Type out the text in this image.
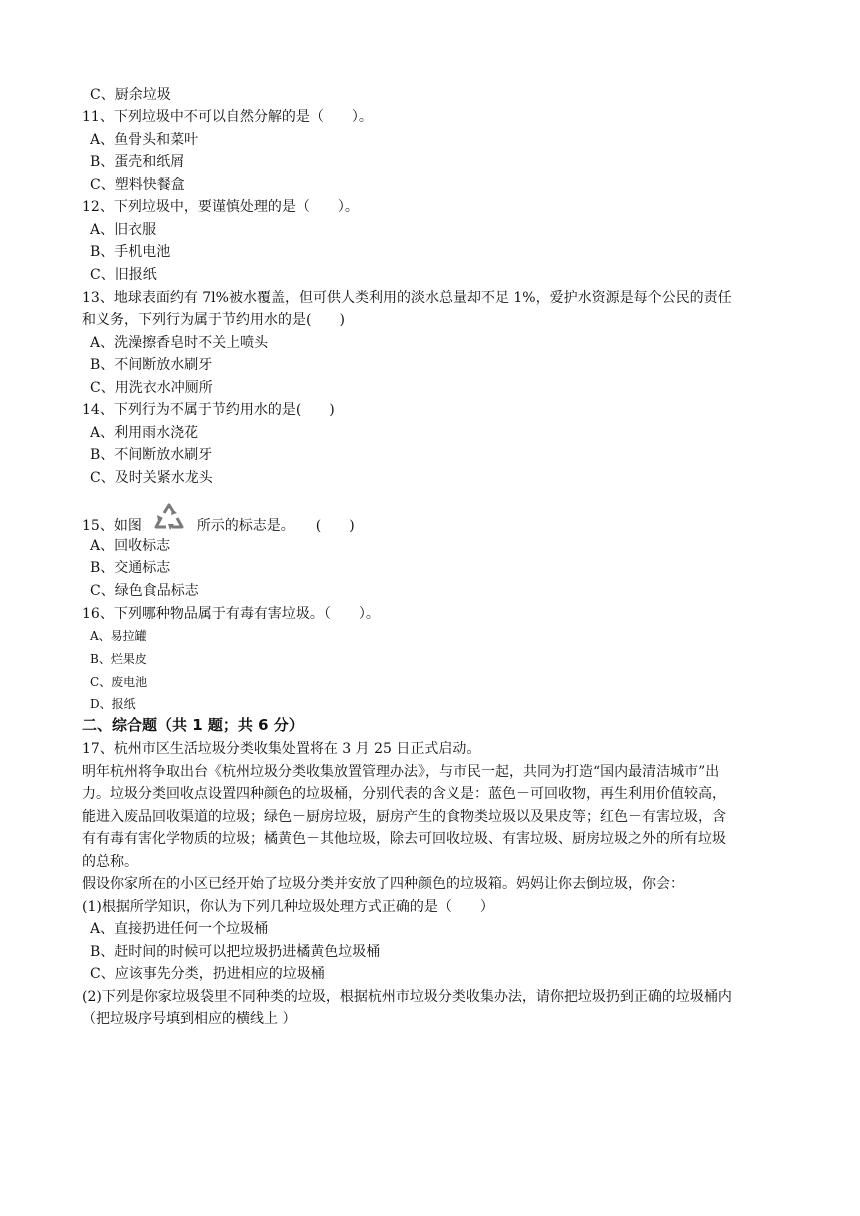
C、厨余垃圾
11、下列垃圾中不可以自然分解的是（　　）。
A、鱼骨头和菜叶
B、蛋壳和纸屑
C、塑料快餐盒
12、下列垃圾中，要谨慎处理的是（　　）。
A、旧衣服
B、手机电池
C、旧报纸
13、地球表面约有 7l%被水覆盖，但可供人类利用的淡水总量却不足 1%，爱护水资源是每个公民的责任
和义务，下列行为属于节约用水的是(　　)
A、洗澡擦香皂时不关上喷头
B、不间断放水刷牙
C、用洗衣水冲厕所
14、下列行为不属于节约用水的是(　　)
A、利用雨水浇花
B、不间断放水刷牙
C、及时关紧水龙头
15、如图	所示的标志是。　　(　　)
A、回收标志
B、交通标志
C、绿色食品标志
16、下列哪种物品属于有毒有害垃圾。（　　）。
A、易拉罐
B、烂果皮
C、废电池
D、报纸
二、综合题（共 1 题；共 6 分）
17、杭州市区生活垃圾分类收集处置将在 3 月 25 日正式启动。
明年杭州将争取出台《杭州垃圾分类收集放置管理办法》，与市民一起，共同为打造“国内最清洁城市”出
力。垃圾分类回收点设置四种颜色的垃圾桶，分别代表的含义是：蓝色－可回收物，再生利用价值较高，
能进入废品回收渠道的垃圾；绿色－厨房垃圾，厨房产生的食物类垃圾以及果皮等；红色－有害垃圾，含
有有毒有害化学物质的垃圾；橘黄色－其他垃圾，除去可回收垃圾、有害垃圾、厨房垃圾之外的所有垃圾
的总称。
假设你家所在的小区已经开始了垃圾分类并安放了四种颜色的垃圾箱。妈妈让你去倒垃圾，你会：
(1)根据所学知识，你认为下列几种垃圾处理方式正确的是（　　）
A、直接扔进任何一个垃圾桶
B、赶时间的时候可以把垃圾扔进橘黄色垃圾桶
C、应该事先分类，扔进相应的垃圾桶
(2)下列是你家垃圾袋里不同种类的垃圾，根据杭州市垃圾分类收集办法，请你把垃圾扔到正确的垃圾桶内
（把垃圾序号填到相应的横线上 ）
